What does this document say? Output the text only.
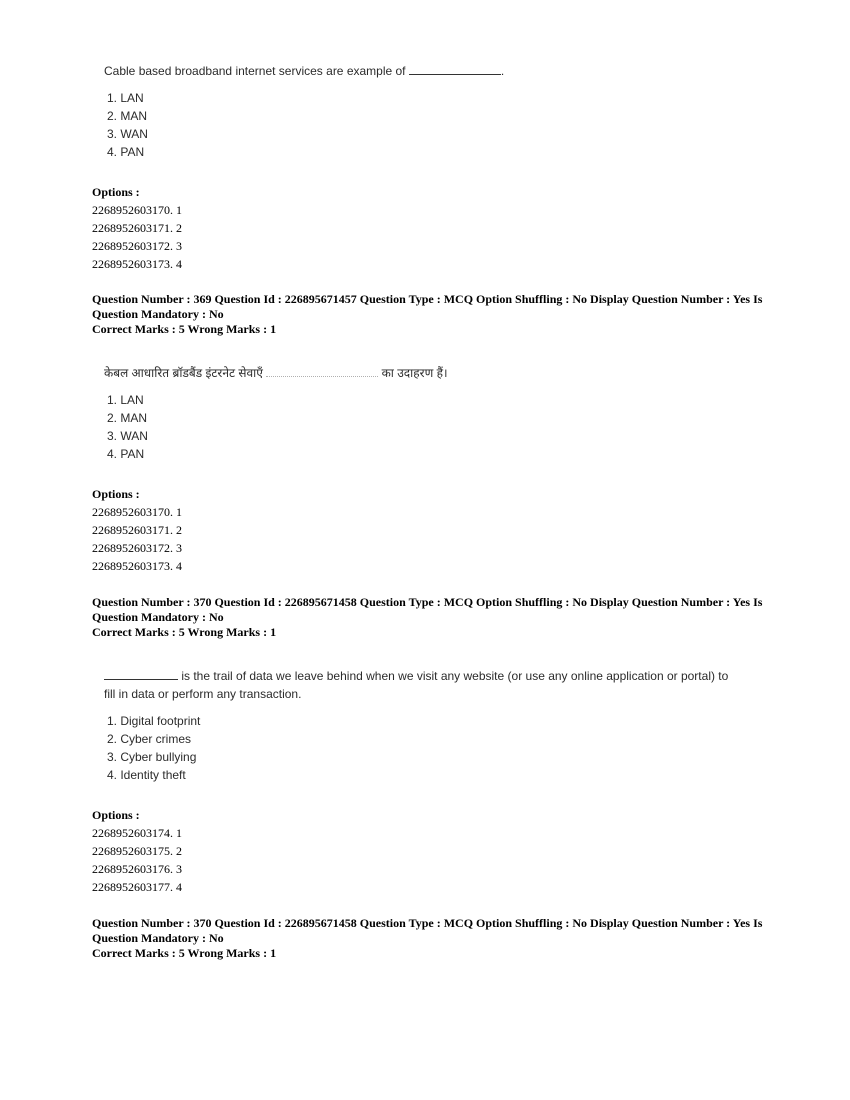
Cable based broadband internet services are example of	.
1. LAN
2. MAN
3. WAN
4. PAN
Options :
2268952603170. 1
2268952603171. 2
2268952603172. 3
2268952603173. 4
Question Number : 369 Question Id : 226895671457 Question Type : MCQ Option Shuffling : No Display Question Number : Yes Is
Question Mandatory : No
Correct Marks : 5 Wrong Marks : 1
केबल आधारित ब्रॉडबैंड इंटरनेट सेवाएँ	का उदाहरण हैं।
1. LAN
2. MAN
3. WAN
4. PAN
Options :
2268952603170. 1
2268952603171. 2
2268952603172. 3
2268952603173. 4
Question Number : 370 Question Id : 226895671458 Question Type : MCQ Option Shuffling : No Display Question Number : Yes Is
Question Mandatory : No
Correct Marks : 5 Wrong Marks : 1
is the trail of data we leave behind when we visit any website (or use any online application or portal) to
fill in data or perform any transaction.
1. Digital footprint
2. Cyber crimes
3. Cyber bullying
4. Identity theft
Options :
2268952603174. 1
2268952603175. 2
2268952603176. 3
2268952603177. 4
Question Number : 370 Question Id : 226895671458 Question Type : MCQ Option Shuffling : No Display Question Number : Yes Is
Question Mandatory : No
Correct Marks : 5 Wrong Marks : 1
